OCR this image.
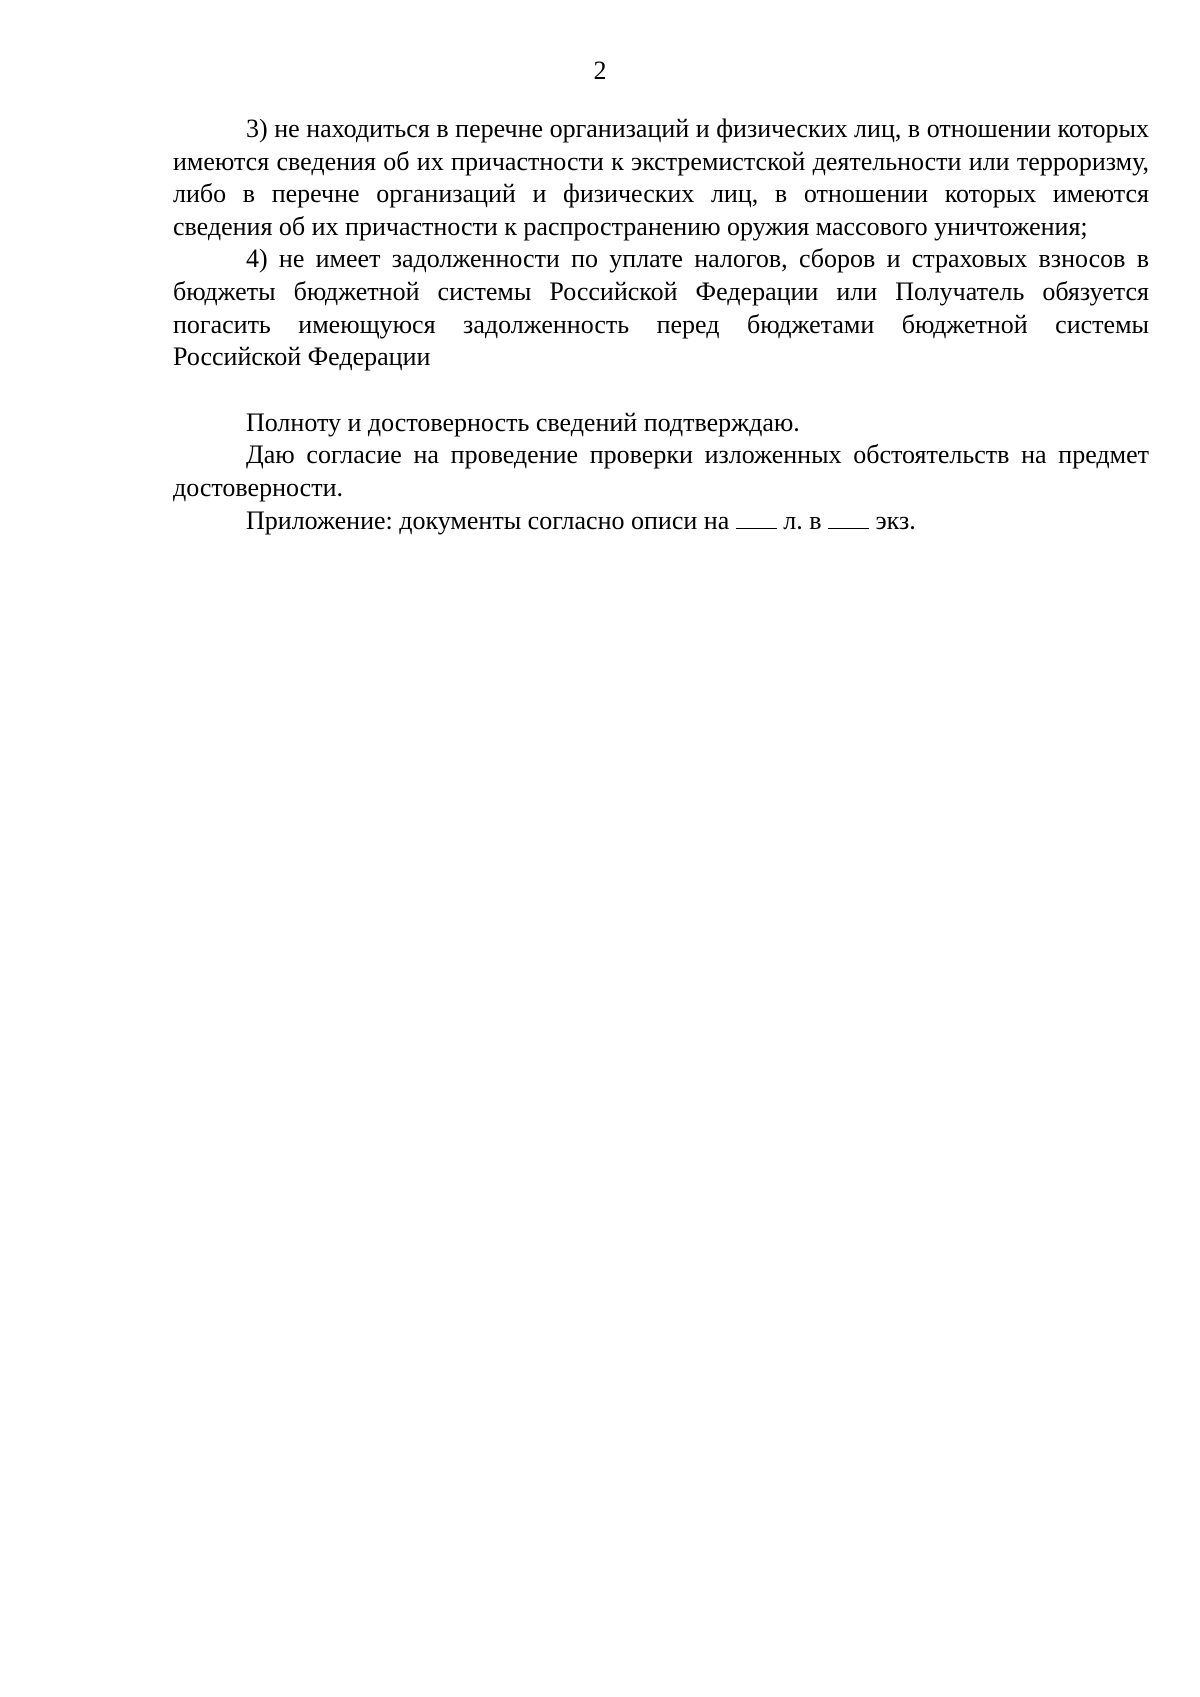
2

3) не находиться в перечне организаций и физических лиц, в отношении которых имеются сведения об их причастности к экстремистской деятельности или терроризму, либо в перечне организаций и физических лиц, в отношении которых имеются сведения об их причастности к распространению оружия массового уничтожения;

4) не имеет задолженности по уплате налогов, сборов и страховых взносов в бюджеты бюджетной системы Российской Федерации или Получатель обязуется погасить имеющуюся задолженность перед бюджетами бюджетной системы Российской Федерации

Полноту и достоверность сведений подтверждаю.

Даю согласие на проведение проверки изложенных обстоятельств на предмет достоверности.

Приложение: документы согласно описи на л. в экз.
